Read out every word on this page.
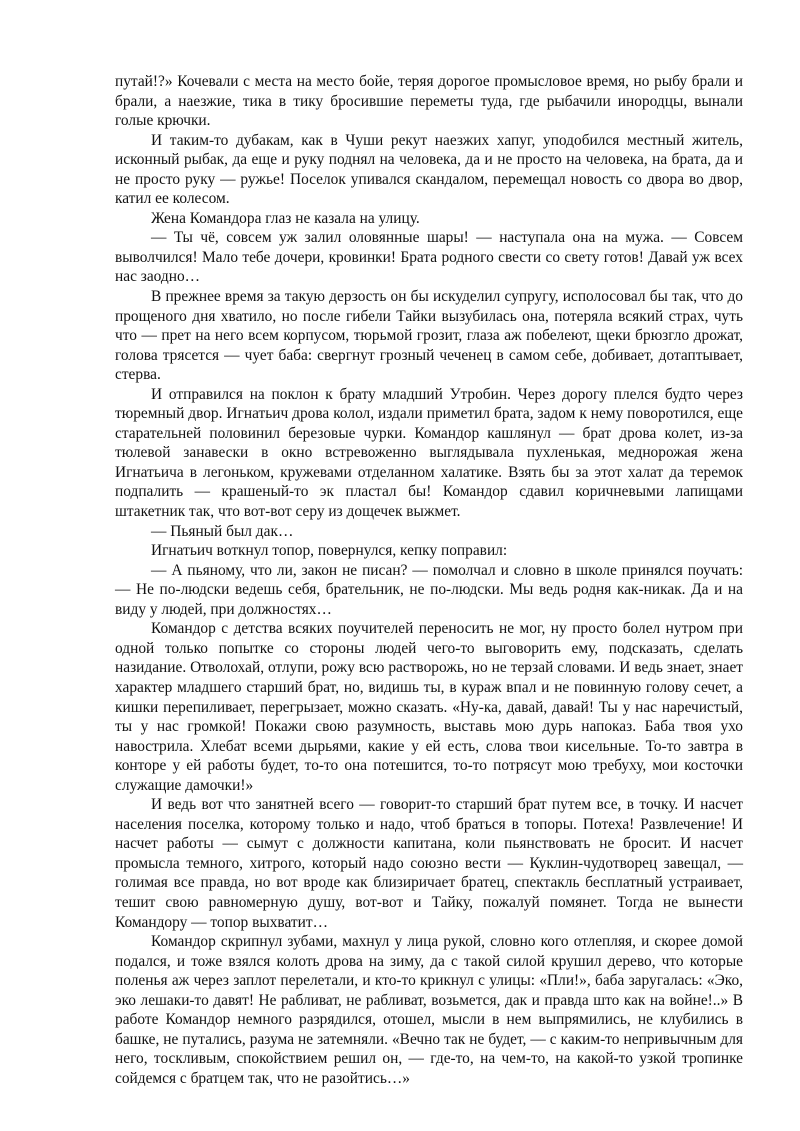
путай!?» Кочевали с места на место бойе, теряя дорогое промысловое время, но рыбу брали и брали, а наезжие, тика в тику бросившие переметы туда, где рыбачили инородцы, вынали голые крючки.

И таким-то дубакам, как в Чуши рекут наезжих хапуг, уподобился местный житель, исконный рыбак, да еще и руку поднял на человека, да и не просто на человека, на брата, да и не просто руку — ружье! Поселок упивался скандалом, перемещал новость со двора во двор, катил ее колесом.

Жена Командора глаз не казала на улицу.

— Ты чё, совсем уж залил оловянные шары! — наступала она на мужа. — Совсем выволчился! Мало тебе дочери, кровинки! Брата родного свести со свету готов! Давай уж всех нас заодно…

В прежнее время за такую дерзость он бы искуделил супругу, исполосовал бы так, что до прощеного дня хватило, но после гибели Тайки вызубилась она, потеряла всякий страх, чуть что — прет на него всем корпусом, тюрьмой грозит, глаза аж побелеют, щеки брюзгло дрожат, голова трясется — чует баба: свергнут грозный чеченец в самом себе, добивает, дотаптывает, стерва.

И отправился на поклон к брату младший Утробин. Через дорогу плелся будто через тюремный двор. Игнатьич дрова колол, издали приметил брата, задом к нему поворотился, еще старательней половинил березовые чурки. Командор кашлянул — брат дрова колет, из-за тюлевой занавески в окно встревоженно выглядывала пухленькая, меднорожая жена Игнатьича в легоньком, кружевами отделанном халатике. Взять бы за этот халат да теремок подпалить — крашеный-то эк пластал бы! Командор сдавил коричневыми лапищами штакетник так, что вот-вот серу из дощечек выжмет.

— Пьяный был дак…

Игнатьич воткнул топор, повернулся, кепку поправил:

— А пьяному, что ли, закон не писан? — помолчал и словно в школе принялся поучать: — Не по-людски ведешь себя, брательник, не по-людски. Мы ведь родня как-никак. Да и на виду у людей, при должностях…

Командор с детства всяких поучителей переносить не мог, ну просто болел нутром при одной только попытке со стороны людей чего-то выговорить ему, подсказать, сделать назидание. Отволохай, отлупи, рожу всю растворожь, но не терзай словами. И ведь знает, знает характер младшего старший брат, но, видишь ты, в кураж впал и не повинную голову сечет, а кишки перепиливает, перегрызает, можно сказать. «Ну-ка, давай, давай! Ты у нас наречистый, ты у нас громкой! Покажи свою разумность, выставь мою дурь напоказ. Баба твоя ухо навострила. Хлебат всеми дырьями, какие у ей есть, слова твои кисельные. То-то завтра в конторе у ей работы будет, то-то она потешится, то-то потрясут мою требуху, мои косточки служащие дамочки!»

И ведь вот что занятней всего — говорит-то старший брат путем все, в точку. И насчет населения поселка, которому только и надо, чтоб браться в топоры. Потеха! Развлечение! И насчет работы — сымут с должности капитана, коли пьянствовать не бросит. И насчет промысла темного, хитрого, который надо союзно вести — Куклин-чудотворец завещал, — голимая все правда, но вот вроде как близиричает братец, спектакль бесплатный устраивает, тешит свою равномерную душу, вот-вот и Тайку, пожалуй помянет. Тогда не вынести Командору — топор выхватит…

Командор скрипнул зубами, махнул у лица рукой, словно кого отлепляя, и скорее домой подался, и тоже взялся колоть дрова на зиму, да с такой силой крушил дерево, что которые поленья аж через заплот перелетали, и кто-то крикнул с улицы: «Пли!», баба заругалась: «Эко, эко лешаки-то давят! Не рабливат, не рабливат, возьмется, дак и правда што как на войне!..» В работе Командор немного разрядился, отошел, мысли в нем выпрямились, не клубились в башке, не путались, разума не затемняли. «Вечно так не будет, — с каким-то непривычным для него, тоскливым, спокойствием решил он, — где-то, на чем-то, на какой-то узкой тропинке сойдемся с братцем так, что не разойтись…»
